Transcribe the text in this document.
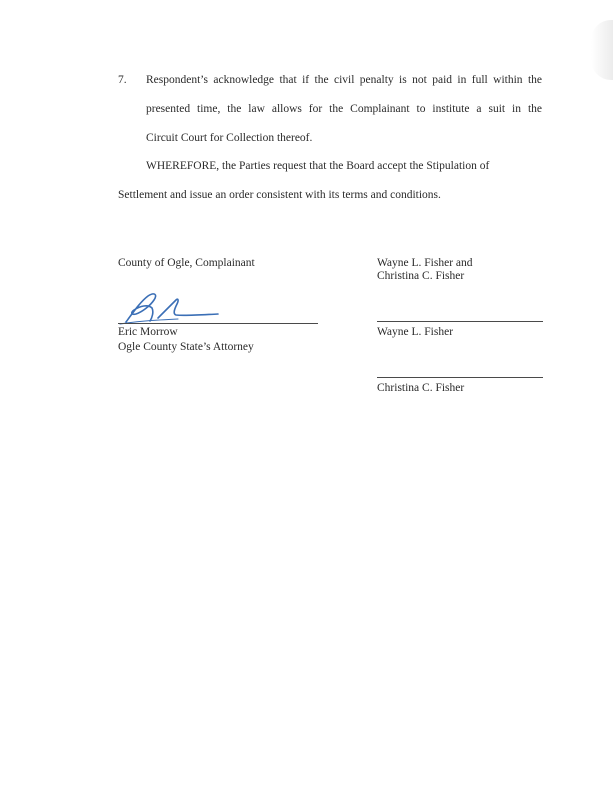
7. Respondent’s acknowledge that if the civil penalty is not paid in full within the
presented time, the law allows for the Complainant to institute a suit in the
Circuit Court for Collection thereof.
WHEREFORE, the Parties request that the Board accept the Stipulation of
Settlement and issue an order consistent with its terms and conditions.
County of Ogle, Complainant
Eric Morrow
Ogle County State’s Attorney
Wayne L. Fisher and
Christina C. Fisher
Wayne L. Fisher
Christina C. Fisher
